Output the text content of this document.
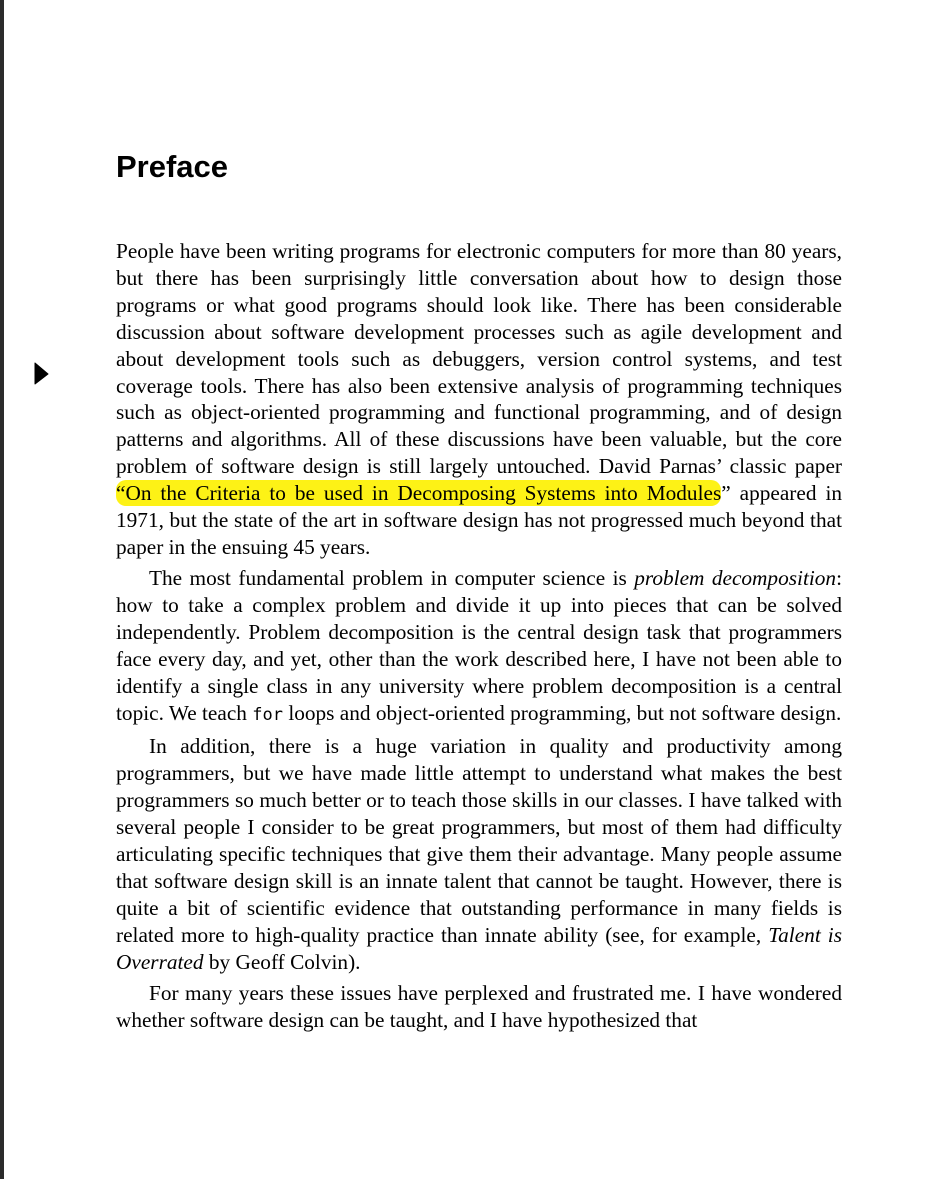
Preface

People have been writing programs for electronic computers for more than 80 years, but there has been surprisingly little conversation about how to design those programs or what good programs should look like. There has been considerable discussion about software development processes such as agile development and about development tools such as debuggers, version control systems, and test coverage tools. There has also been extensive analysis of programming techniques such as object-oriented programming and functional programming, and of design patterns and algorithms. All of these discussions have been valuable, but the core problem of software design is still largely untouched. David Parnas’ classic paper “On the Criteria to be used in Decomposing Systems into Modules” appeared in 1971, but the state of the art in software design has not progressed much beyond that paper in the ensuing 45 years.

The most fundamental problem in computer science is problem decomposition: how to take a complex problem and divide it up into pieces that can be solved independently. Problem decomposition is the central design task that programmers face every day, and yet, other than the work described here, I have not been able to identify a single class in any university where problem decomposition is a central topic. We teach for loops and object-oriented programming, but not software design.

In addition, there is a huge variation in quality and productivity among programmers, but we have made little attempt to understand what makes the best programmers so much better or to teach those skills in our classes. I have talked with several people I consider to be great programmers, but most of them had difficulty articulating specific techniques that give them their advantage. Many people assume that software design skill is an innate talent that cannot be taught. However, there is quite a bit of scientific evidence that outstanding performance in many fields is related more to high-quality practice than innate ability (see, for example, Talent is Overrated by Geoff Colvin).

For many years these issues have perplexed and frustrated me. I have wondered whether software design can be taught, and I have hypothesized that
